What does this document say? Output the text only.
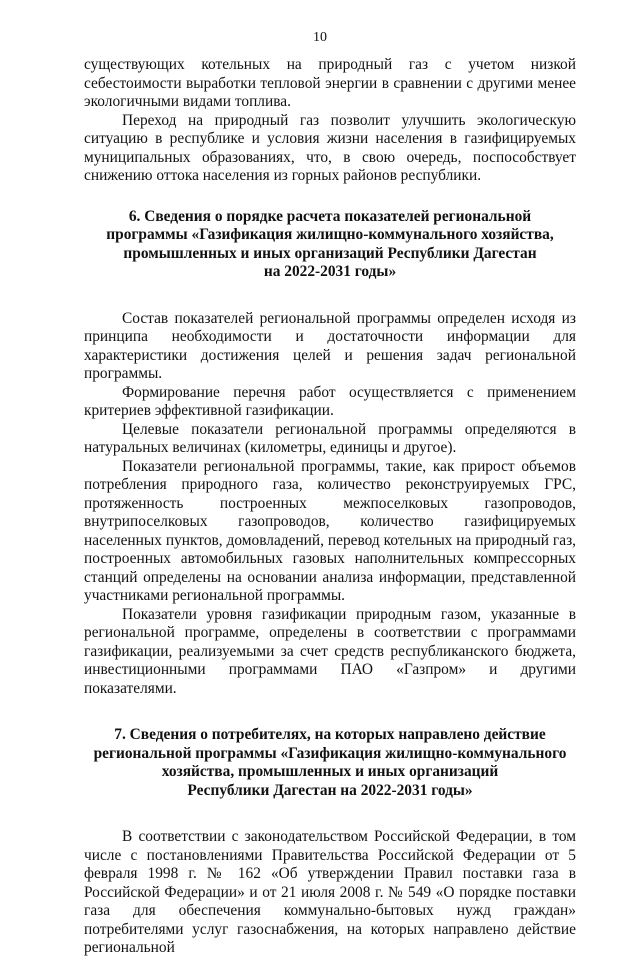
10

существующих котельных на природный газ с учетом низкой себестоимости выработки тепловой энергии в сравнении с другими менее экологичными видами топлива.

Переход на природный газ позволит улучшить экологическую ситуацию в республике и условия жизни населения в газифицируемых муниципальных образованиях, что, в свою очередь, поспособствует снижению оттока населения из горных районов республики.

6. Сведения о порядке расчета показателей региональной
программы «Газификация жилищно-коммунального хозяйства,
промышленных и иных организаций Республики Дагестан
на 2022-2031 годы»

Состав показателей региональной программы определен исходя из принципа необходимости и достаточности информации для характеристики достижения целей и решения задач региональной программы.

Формирование перечня работ осуществляется с применением критериев эффективной газификации.

Целевые показатели региональной программы определяются в натуральных величинах (километры, единицы и другое).

Показатели региональной программы, такие, как прирост объемов потребления природного газа, количество реконструируемых ГРС, протяженность построенных межпоселковых газопроводов, внутрипоселковых газопроводов, количество газифицируемых населенных пунктов, домовладений, перевод котельных на природный газ, построенных автомобильных газовых наполнительных компрессорных станций определены на основании анализа информации, представленной участниками региональной программы.

Показатели уровня газификации природным газом, указанные в региональной программе, определены в соответствии с программами газификации, реализуемыми за счет средств республиканского бюджета, инвестиционными программами ПАО «Газпром» и другими показателями.

7. Сведения о потребителях, на которых направлено действие
региональной программы «Газификация жилищно-коммунального
хозяйства, промышленных и иных организаций
Республики Дагестан на 2022-2031 годы»

В соответствии с законодательством Российской Федерации, в том числе с постановлениями Правительства Российской Федерации от 5 февраля 1998 г. № 162 «Об утверждении Правил поставки газа в Российской Федерации» и от 21 июля 2008 г. № 549 «О порядке поставки газа для обеспечения коммунально-бытовых нужд граждан» потребителями услуг газоснабжения, на которых направлено действие региональной
